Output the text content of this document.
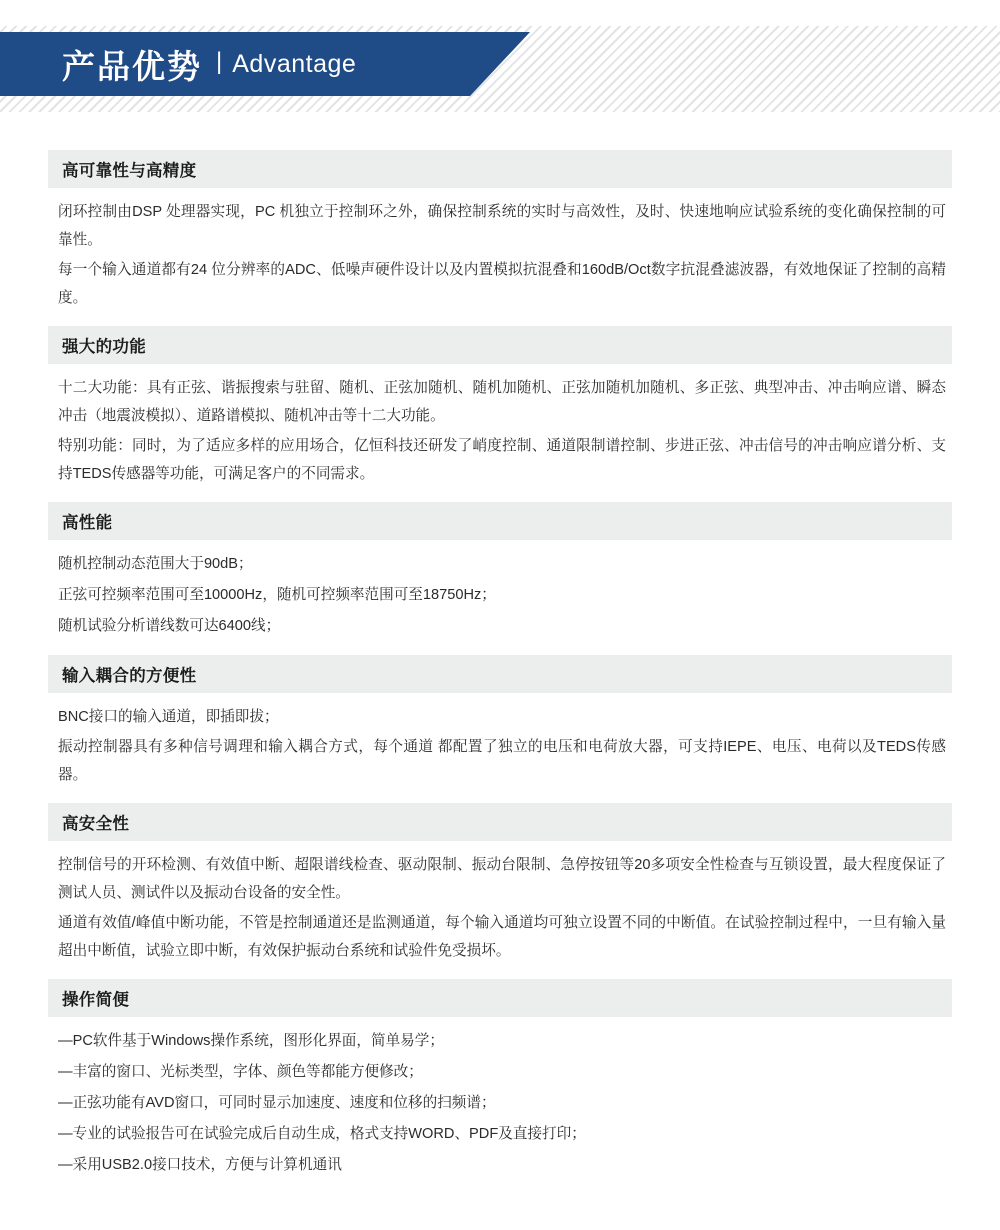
产品优势 | Advantage
高可靠性与高精度

闭环控制由DSP 处理器实现，PC 机独立于控制环之外，确保控制系统的实时与高效性，及时、快速地响应试验系统的变化确保控制的可靠性。

每一个输入通道都有24 位分辨率的ADC、低噪声硬件设计以及内置模拟抗混叠和160dB/Oct数字抗混叠滤波器，有效地保证了控制的高精度。

强大的功能

十二大功能：具有正弦、谐振搜索与驻留、随机、正弦加随机、随机加随机、正弦加随机加随机、多正弦、典型冲击、冲击响应谱、瞬态冲击（地震波模拟）、道路谱模拟、随机冲击等十二大功能。

特别功能：同时，为了适应多样的应用场合，亿恒科技还研发了峭度控制、通道限制谱控制、步进正弦、冲击信号的冲击响应谱分析、支持TEDS传感器等功能，可满足客户的不同需求。

高性能

随机控制动态范围大于90dB；

正弦可控频率范围可至10000Hz，随机可控频率范围可至18750Hz；

随机试验分析谱线数可达6400线；

输入耦合的方便性

BNC接口的输入通道，即插即拔；

振动控制器具有多种信号调理和输入耦合方式，每个通道 都配置了独立的电压和电荷放大器，可支持IEPE、电压、电荷以及TEDS传感器。

高安全性

控制信号的开环检测、有效值中断、超限谱线检查、驱动限制、振动台限制、急停按钮等20多项安全性检查与互锁设置，最大程度保证了测试人员、测试件以及振动台设备的安全性。

通道有效值/峰值中断功能，不管是控制通道还是监测通道，每个输入通道均可独立设置不同的中断值。在试验控制过程中，一旦有输入量超出中断值，试验立即中断，有效保护振动台系统和试验件免受损坏。

操作简便

—PC软件基于Windows操作系统，图形化界面，简单易学；

—丰富的窗口、光标类型，字体、颜色等都能方便修改；

—正弦功能有AVD窗口，可同时显示加速度、速度和位移的扫频谱；

—专业的试验报告可在试验完成后自动生成，格式支持WORD、PDF及直接打印；

—采用USB2.0接口技术，方便与计算机通讯
